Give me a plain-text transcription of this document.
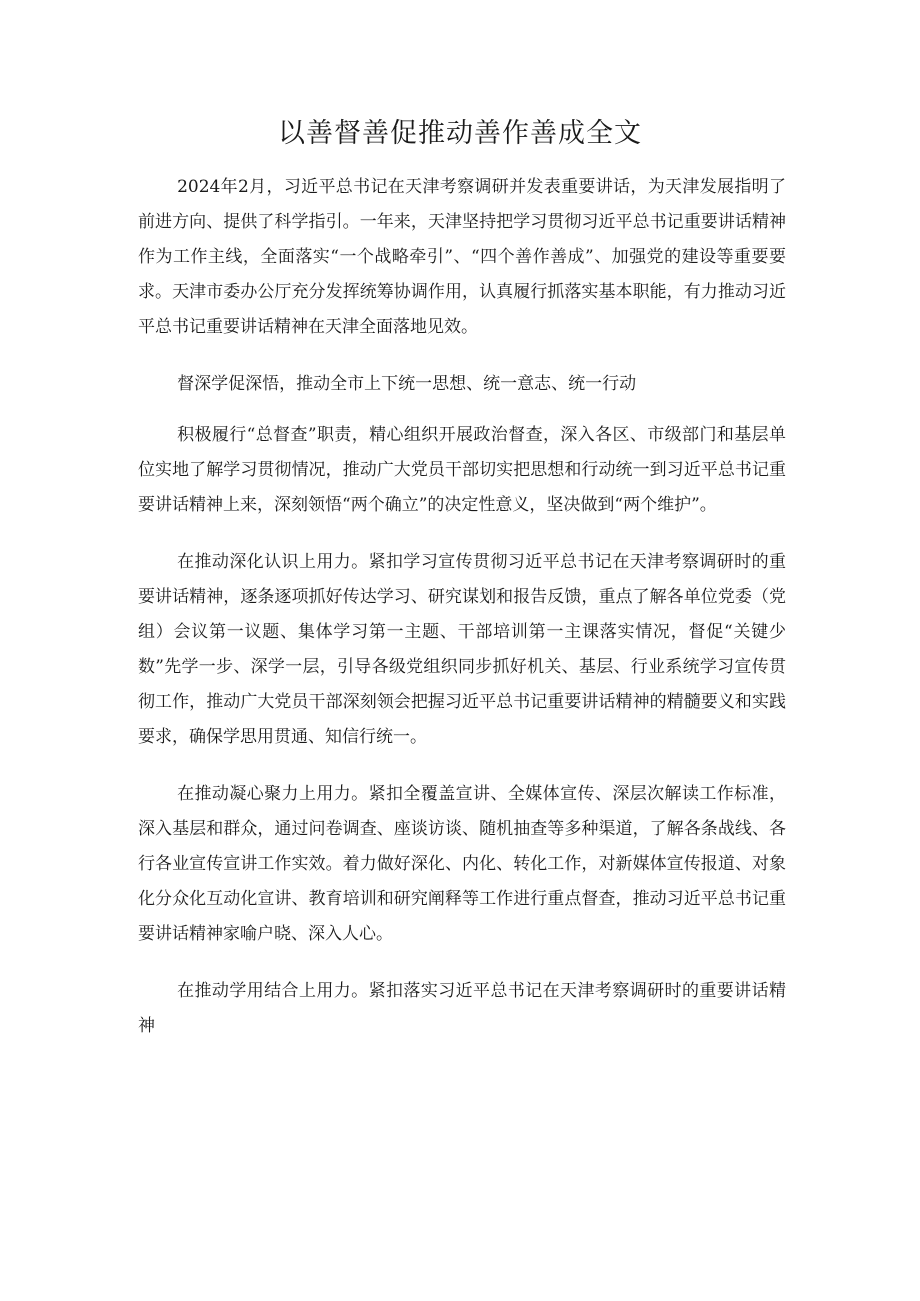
以善督善促推动善作善成全文

2024年2月，习近平总书记在天津考察调研并发表重要讲话，为天津发展指明了前进方向、提供了科学指引。一年来，天津坚持把学习贯彻习近平总书记重要讲话精神作为工作主线，全面落实“一个战略牵引”、“四个善作善成”、加强党的建设等重要要求。天津市委办公厅充分发挥统筹协调作用，认真履行抓落实基本职能，有力推动习近平总书记重要讲话精神在天津全面落地见效。

督深学促深悟，推动全市上下统一思想、统一意志、统一行动

积极履行“总督查”职责，精心组织开展政治督查，深入各区、市级部门和基层单位实地了解学习贯彻情况，推动广大党员干部切实把思想和行动统一到习近平总书记重要讲话精神上来，深刻领悟“两个确立”的决定性意义，坚决做到“两个维护”。

在推动深化认识上用力。紧扣学习宣传贯彻习近平总书记在天津考察调研时的重要讲话精神，逐条逐项抓好传达学习、研究谋划和报告反馈，重点了解各单位党委（党组）会议第一议题、集体学习第一主题、干部培训第一主课落实情况，督促“关键少数”先学一步、深学一层，引导各级党组织同步抓好机关、基层、行业系统学习宣传贯彻工作，推动广大党员干部深刻领会把握习近平总书记重要讲话精神的精髓要义和实践要求，确保学思用贯通、知信行统一。

在推动凝心聚力上用力。紧扣全覆盖宣讲、全媒体宣传、深层次解读工作标准，深入基层和群众，通过问卷调查、座谈访谈、随机抽查等多种渠道，了解各条战线、各行各业宣传宣讲工作实效。着力做好深化、内化、转化工作，对新媒体宣传报道、对象化分众化互动化宣讲、教育培训和研究阐释等工作进行重点督查，推动习近平总书记重要讲话精神家喻户晓、深入人心。

在推动学用结合上用力。紧扣落实习近平总书记在天津考察调研时的重要讲话精神
